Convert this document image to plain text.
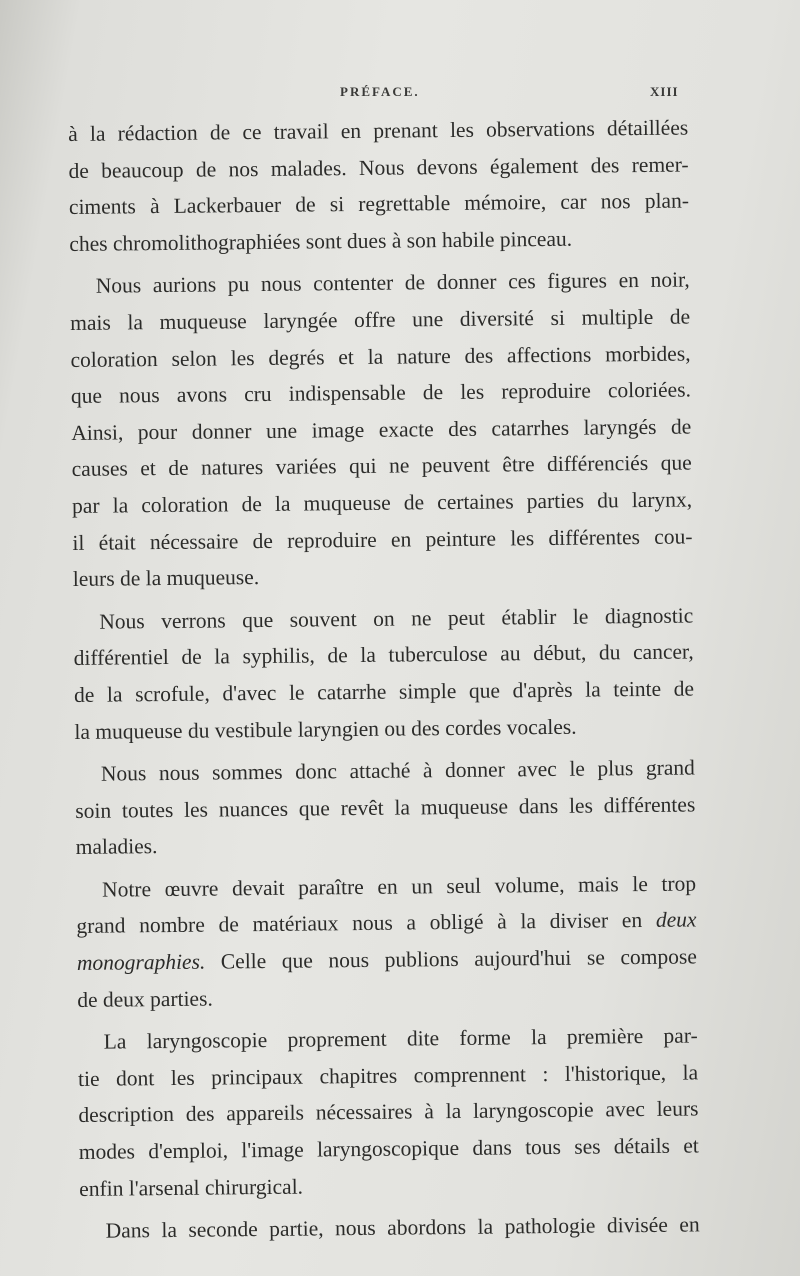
PRÉFACE.	XIII
à la rédaction de ce travail en prenant les observations détaillées
de beaucoup de nos malades. Nous devons également des remer-
ciments à Lackerbauer de si regrettable mémoire, car nos plan-
ches chromolithographiées sont dues à son habile pinceau.
Nous aurions pu nous contenter de donner ces figures en noir,
mais la muqueuse laryngée offre une diversité si multiple de
coloration selon les degrés et la nature des affections morbides,
que nous avons cru indispensable de les reproduire coloriées.
Ainsi, pour donner une image exacte des catarrhes laryngés de
causes et de natures variées qui ne peuvent être différenciés que
par la coloration de la muqueuse de certaines parties du larynx,
il était nécessaire de reproduire en peinture les différentes cou-
leurs de la muqueuse.
Nous verrons que souvent on ne peut établir le diagnostic
différentiel de la syphilis, de la tuberculose au début, du cancer,
de la scrofule, d'avec le catarrhe simple que d'après la teinte de
la muqueuse du vestibule laryngien ou des cordes vocales.
Nous nous sommes donc attaché à donner avec le plus grand
soin toutes les nuances que revêt la muqueuse dans les différentes
maladies.
Notre œuvre devait paraître en un seul volume, mais le trop
grand nombre de matériaux nous a obligé à la diviser en deux
monographies. Celle que nous publions aujourd'hui se compose
de deux parties.
La laryngoscopie proprement dite forme la première par-
tie dont les principaux chapitres comprennent : l'historique, la
description des appareils nécessaires à la laryngoscopie avec leurs
modes d'emploi, l'image laryngoscopique dans tous ses détails et
enfin l'arsenal chirurgical.
Dans la seconde partie, nous abordons la pathologie divisée en
